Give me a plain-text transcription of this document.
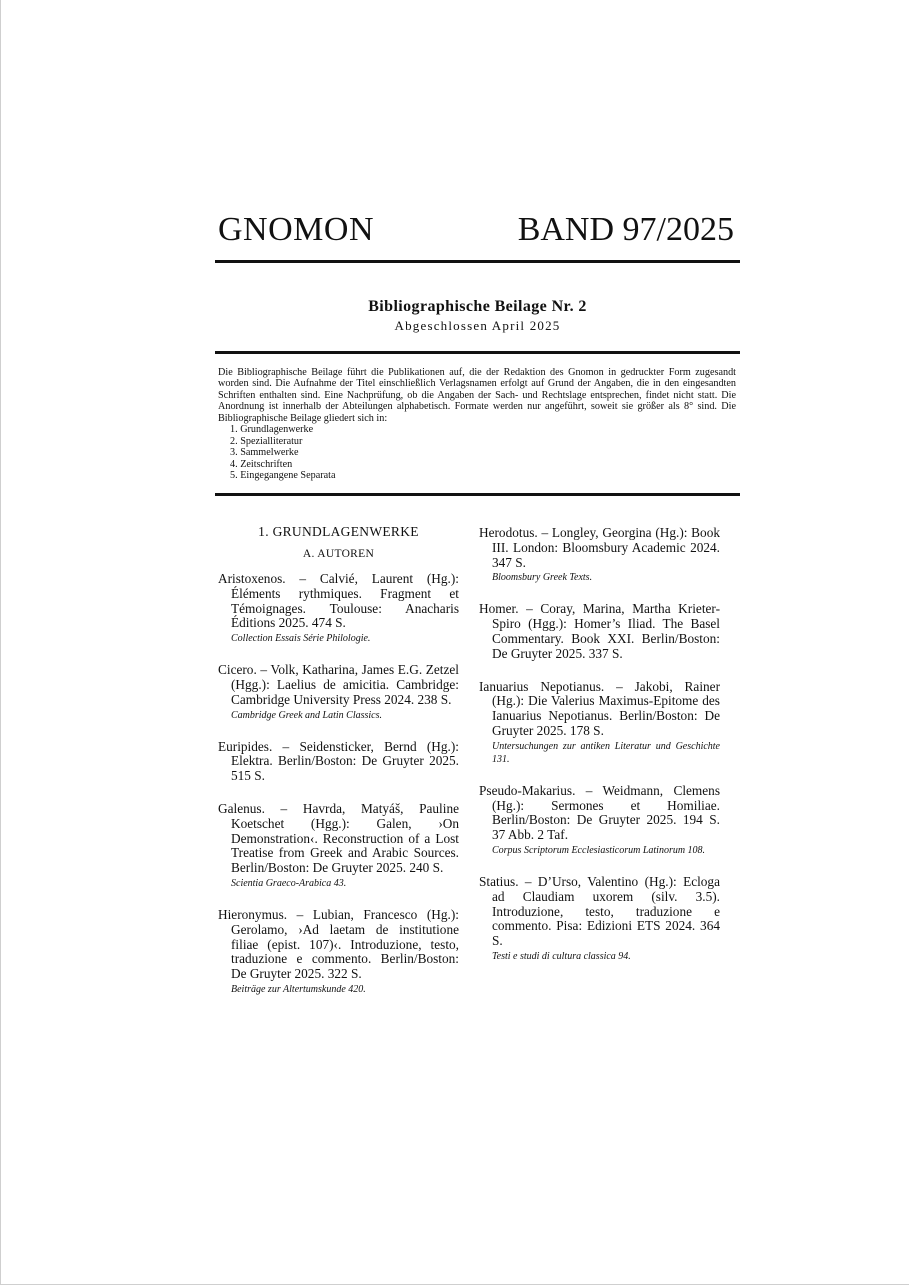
GNOMON	BAND 97/2025
Bibliographische Beilage Nr. 2
Abgeschlossen April 2025
Die Bibliographische Beilage führt die Publikationen auf, die der Redaktion des Gnomon in gedruckter Form zugesandt worden sind. Die Aufnahme der Titel einschließlich Verlagsnamen erfolgt auf Grund der Angaben, die in den eingesandten Schriften enthalten sind. Eine Nachprüfung, ob die Angaben der Sach- und Rechtslage entsprechen, findet nicht statt. Die Anordnung ist innerhalb der Abteilungen alphabetisch. Formate werden nur angeführt, soweit sie größer als 8° sind. Die Bibliographische Beilage gliedert sich in:
1. Grundlagenwerke
2. Spezialliteratur
3. Sammelwerke
4. Zeitschriften
5. Eingegangene Separata
1. GRUNDLAGENWERKE
A. AUTOREN
Aristoxenos. – Calvié, Laurent (Hg.): Éléments rythmiques. Fragment et Témoignages. Toulouse: Anacharis Éditions 2025. 474 S.
Collection Essais Série Philologie.
Cicero. – Volk, Katharina, James E.G. Zetzel (Hgg.): Laelius de amicitia. Cambridge: Cambridge University Press 2024. 238 S.
Cambridge Greek and Latin Classics.
Euripides. – Seidensticker, Bernd (Hg.): Elektra. Berlin/Boston: De Gruyter 2025. 515 S.
Galenus. – Havrda, Matyáš, Pauline Koetschet (Hgg.): Galen, ›On Demonstration‹. Reconstruction of a Lost Treatise from Greek and Arabic Sources. Berlin/Boston: De Gruyter 2025. 240 S.
Scientia Graeco-Arabica 43.
Hieronymus. – Lubian, Francesco (Hg.): Gerolamo, ›Ad laetam de institutione filiae (epist. 107)‹. Introduzione, testo, traduzione e commento. Berlin/Boston: De Gruyter 2025. 322 S.
Beiträge zur Altertumskunde 420.
Herodotus. – Longley, Georgina (Hg.): Book III. London: Bloomsbury Academic 2024. 347 S.
Bloomsbury Greek Texts.
Homer. – Coray, Marina, Martha Krieter-Spiro (Hgg.): Homer’s Iliad. The Basel Commentary. Book XXI. Berlin/Boston: De Gruyter 2025. 337 S.
Ianuarius Nepotianus. – Jakobi, Rainer (Hg.): Die Valerius Maximus-Epitome des Ianuarius Nepotianus. Berlin/Boston: De Gruyter 2025. 178 S.
Untersuchungen zur antiken Literatur und Geschichte 131.
Pseudo-Makarius. – Weidmann, Clemens (Hg.): Sermones et Homiliae. Berlin/Boston: De Gruyter 2025. 194 S. 37 Abb. 2 Taf.
Corpus Scriptorum Ecclesiasticorum Latinorum 108.
Statius. – D’Urso, Valentino (Hg.): Ecloga ad Claudiam uxorem (silv. 3.5). Introduzione, testo, traduzione e commento. Pisa: Edizioni ETS 2024. 364 S.
Testi e studi di cultura classica 94.
